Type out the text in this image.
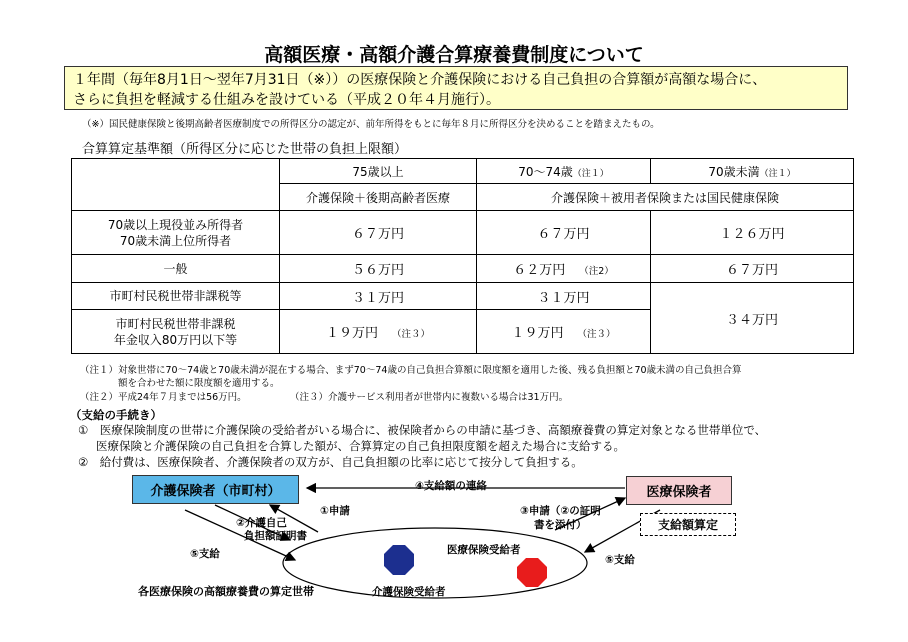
高額医療・高額介護合算療養費制度について
１年間（毎年8月1日～翌年7月31日（※））の医療保険と介護保険における自己負担の合算額が高額な場合に、
さらに負担を軽減する仕組みを設けている（平成２０年４月施行）。
（※）国民健康保険と後期高齢者医療制度での所得区分の認定が、前年所得をもとに毎年８月に所得区分を決めることを踏まえたもの。
合算算定基準額（所得区分に応じた世帯の負担上限額）
	75歳以上	70～74歳（注１）	70歳未満（注１）
	介護保険＋後期高齢者医療	介護保険＋被用者保険または国民健康保険	
70歳以上現役並み所得者
70歳未満上位所得者	６７万円	６７万円	１２６万円
一般	５６万円	６２万円 （注2）	６７万円
市町村民税世帯非課税等	３１万円	３１万円	３４万円
市町村民税世帯非課税
年金収入80万円以下等	１９万円 （注３）	１９万円 （注３）	
（注１）対象世帯に70～74歳と70歳未満が混在する場合、まず70～74歳の自己負担合算額に限度額を適用した後、残る負担額と70歳未満の自己負担合算
額を合わせた額に限度額を適用する。
（注２）平成24年７月までは56万円。	（注３）介護サービス利用者が世帯内に複数いる場合は31万円。
（支給の手続き）
①　医療保険制度の世帯に介護保険の受給者がいる場合に、被保険者からの申請に基づき、高額療養費の算定対象となる世帯単位で、
医療保険と介護保険の自己負担を合算した額が、合算算定の自己負担限度額を超えた場合に支給する。
②　給付費は、医療保険者、介護保険者の双方が、自己負担額の比率に応じて按分して負担する。
介護保険者（市町村）	医療保険者
支給額算定
④支給額の連絡
①申請	③申請（②の証明
書を添付）
②介護自己
負担額証明書
⑤支給	⑤支給
医療保険受給者
介護保険受給者
各医療保険の高額療養費の算定世帯
